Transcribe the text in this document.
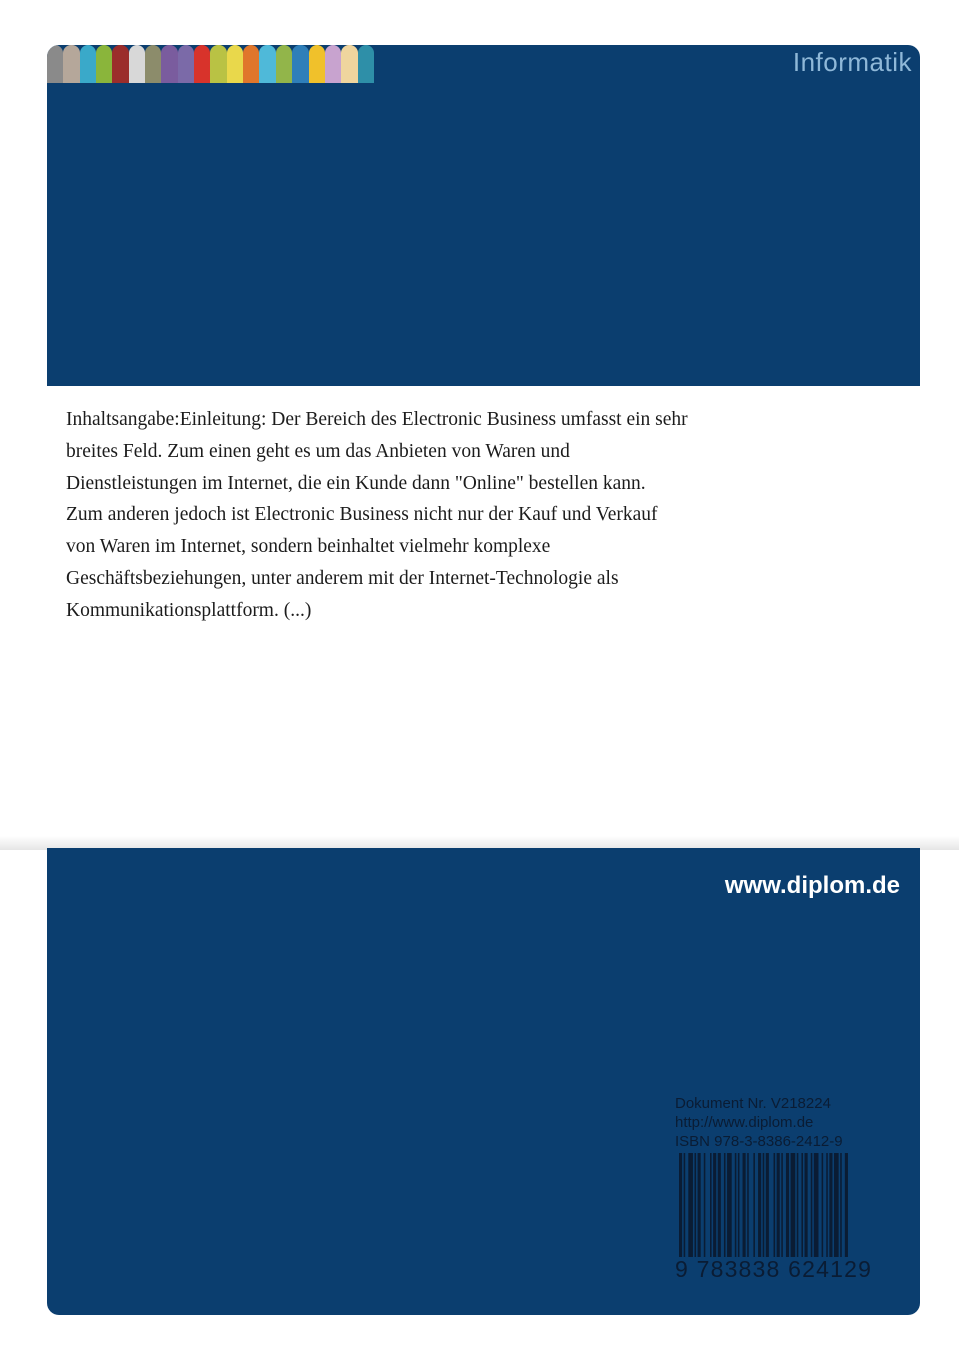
Informatik
Inhaltsangabe:Einleitung: Der Bereich des Electronic Business umfasst ein sehr
breites Feld. Zum einen geht es um das Anbieten von Waren und
Dienstleistungen im Internet, die ein Kunde dann "Online" bestellen kann.
Zum anderen jedoch ist Electronic Business nicht nur der Kauf und Verkauf
von Waren im Internet, sondern beinhaltet vielmehr komplexe
Geschäftsbeziehungen, unter anderem mit der Internet-Technologie als
Kommunikationsplattform. (...)
www.diplom.de
Dokument Nr. V218224
http://www.diplom.de
ISBN 978-3-8386-2412-9
9 783838 624129
